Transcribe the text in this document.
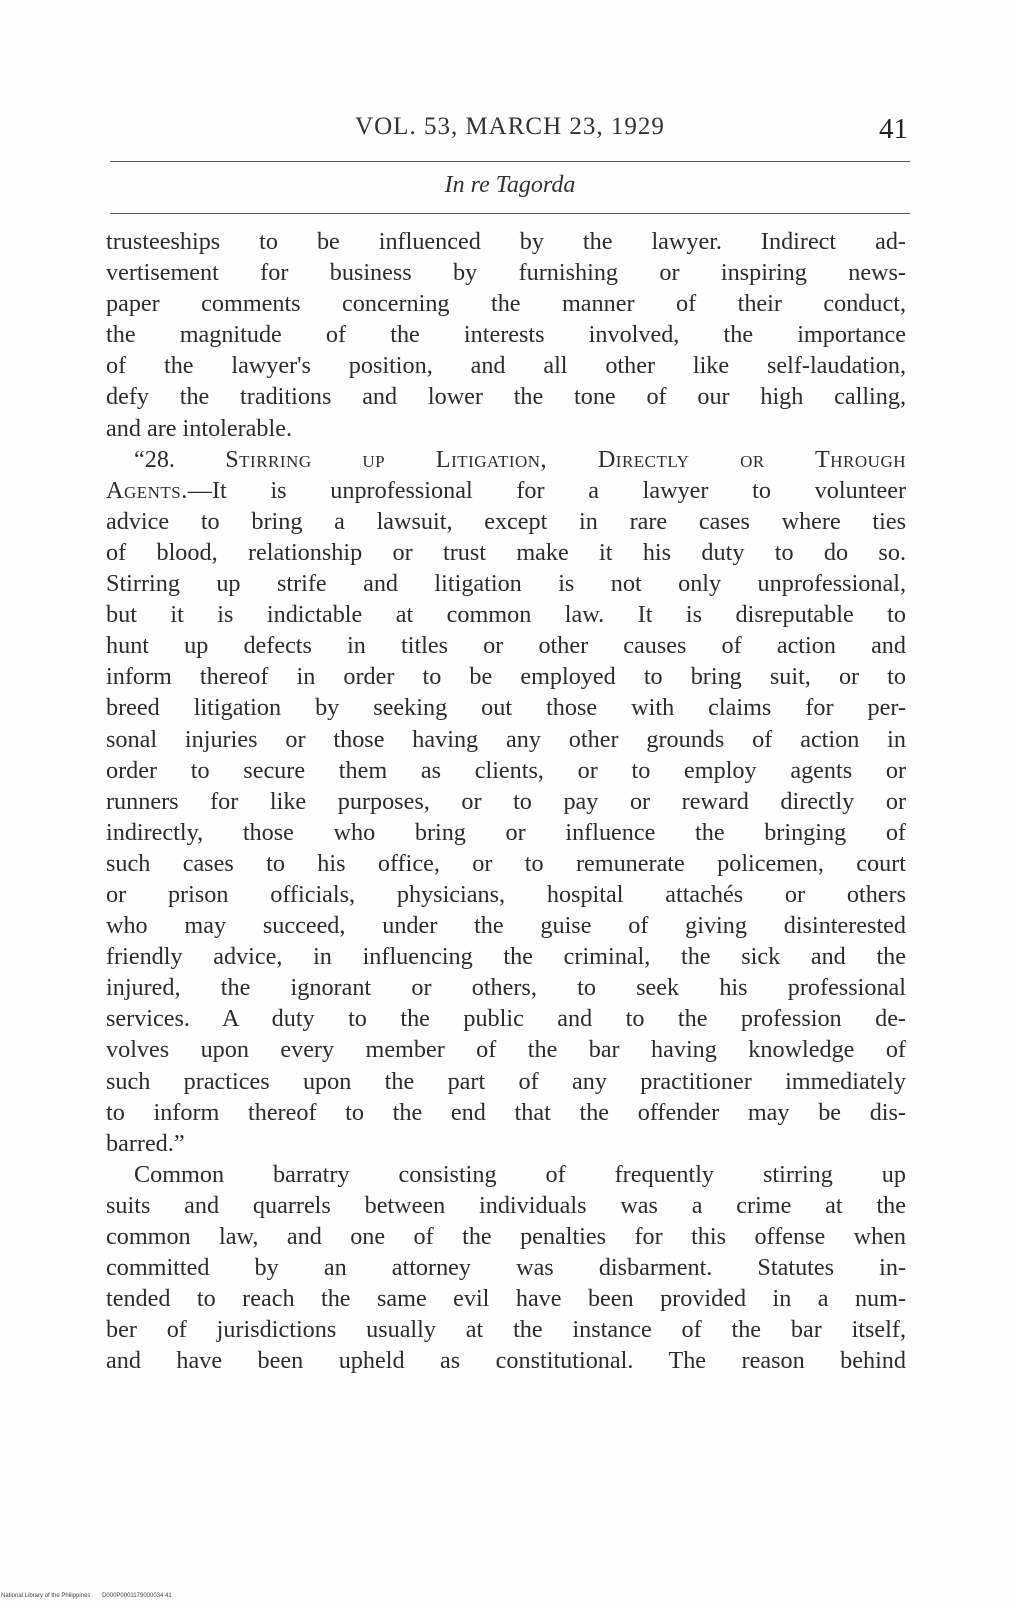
VOL. 53, MARCH 23, 1929	41
In re Tagorda
trusteeships to be influenced by the lawyer. Indirect ad-
vertisement for business by furnishing or inspiring news-
paper comments concerning the manner of their conduct,
the magnitude of the interests involved, the importance
of the lawyer's position, and all other like self-laudation,
defy the traditions and lower the tone of our high calling,
and are intolerable.
“28. Stirring up Litigation, Directly or Through
Agents.—It is unprofessional for a lawyer to volunteer
advice to bring a lawsuit, except in rare cases where ties
of blood, relationship or trust make it his duty to do so.
Stirring up strife and litigation is not only unprofessional,
but it is indictable at common law. It is disreputable to
hunt up defects in titles or other causes of action and
inform thereof in order to be employed to bring suit, or to
breed litigation by seeking out those with claims for per-
sonal injuries or those having any other grounds of action in
order to secure them as clients, or to employ agents or
runners for like purposes, or to pay or reward directly or
indirectly, those who bring or influence the bringing of
such cases to his office, or to remunerate policemen, court
or prison officials, physicians, hospital attachés or others
who may succeed, under the guise of giving disinterested
friendly advice, in influencing the criminal, the sick and the
injured, the ignorant or others, to seek his professional
services. A duty to the public and to the profession de-
volves upon every member of the bar having knowledge of
such practices upon the part of any practitioner immediately
to inform thereof to the end that the offender may be dis-
barred.”
Common barratry consisting of frequently stirring up
suits and quarrels between individuals was a crime at the
common law, and one of the penalties for this offense when
committed by an attorney was disbarment. Statutes in-
tended to reach the same evil have been provided in a num-
ber of jurisdictions usually at the instance of the bar itself,
and have been upheld as constitutional. The reason behind
National Library of the Philippines D000P0001179000034 41
